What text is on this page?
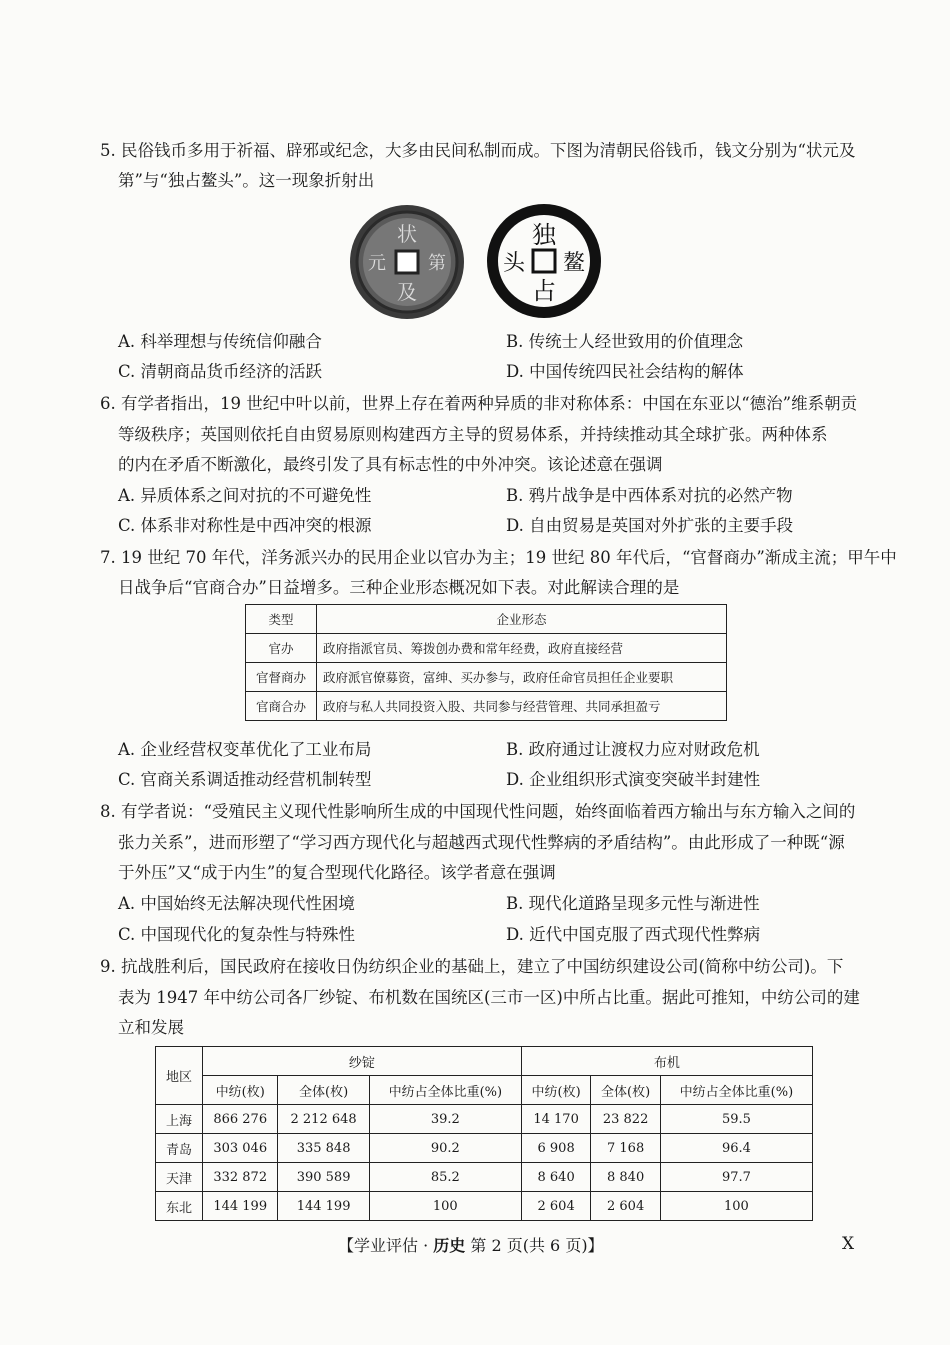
5. 民俗钱币多用于祈福、辟邪或纪念，大多由民间私制而成。下图为清朝民俗钱币，钱文分别为“状元及
第”与“独占鳌头”。这一现象折射出
状
及
元 第
独
占
头 鳌
A. 科举理想与传统信仰融合	B. 传统士人经世致用的价值理念
C. 清朝商品货币经济的活跃	D. 中国传统四民社会结构的解体
6. 有学者指出，19 世纪中叶以前，世界上存在着两种异质的非对称体系：中国在东亚以“德治”维系朝贡
等级秩序；英国则依托自由贸易原则构建西方主导的贸易体系，并持续推动其全球扩张。两种体系
的内在矛盾不断激化，最终引发了具有标志性的中外冲突。该论述意在强调
A. 异质体系之间对抗的不可避免性	B. 鸦片战争是中西体系对抗的必然产物
C. 体系非对称性是中西冲突的根源	D. 自由贸易是英国对外扩张的主要手段
7. 19 世纪 70 年代，洋务派兴办的民用企业以官办为主；19 世纪 80 年代后，“官督商办”渐成主流；甲午中
日战争后“官商合办”日益增多。三种企业形态概况如下表。对此解读合理的是
类型	企业形态
官办	政府指派官员、筹拨创办费和常年经费，政府直接经营
官督商办	政府派官僚募资，富绅、买办参与，政府任命官员担任企业要职
官商合办	政府与私人共同投资入股、共同参与经营管理、共同承担盈亏
A. 企业经营权变革优化了工业布局	B. 政府通过让渡权力应对财政危机
C. 官商关系调适推动经营机制转型	D. 企业组织形式演变突破半封建性
8. 有学者说：“受殖民主义现代性影响所生成的中国现代性问题，始终面临着西方输出与东方输入之间的
张力关系”，进而形塑了“学习西方现代化与超越西式现代性弊病的矛盾结构”。由此形成了一种既“源
于外压”又“成于内生”的复合型现代化路径。该学者意在强调
A. 中国始终无法解决现代性困境	B. 现代化道路呈现多元性与渐进性
C. 中国现代化的复杂性与特殊性	D. 近代中国克服了西式现代性弊病
9. 抗战胜利后，国民政府在接收日伪纺织企业的基础上，建立了中国纺织建设公司(简称中纺公司)。下
表为 1947 年中纺公司各厂纱锭、布机数在国统区(三市一区)中所占比重。据此可推知，中纺公司的建
立和发展
地区	纱锭			布机		
	中纺(枚)	全体(枚)	中纺占全体比重(%)	中纺(枚)	全体(枚)	中纺占全体比重(%)
上海	866 276	2 212 648	39.2	14 170	23 822	59.5
青岛	303 046	335 848	90.2	6 908	7 168	96.4
天津	332 872	390 589	85.2	8 640	8 840	97.7
东北	144 199	144 199	100	2 604	2 604	100
【学业评估 · 历史 第 2 页(共 6 页)】	X
